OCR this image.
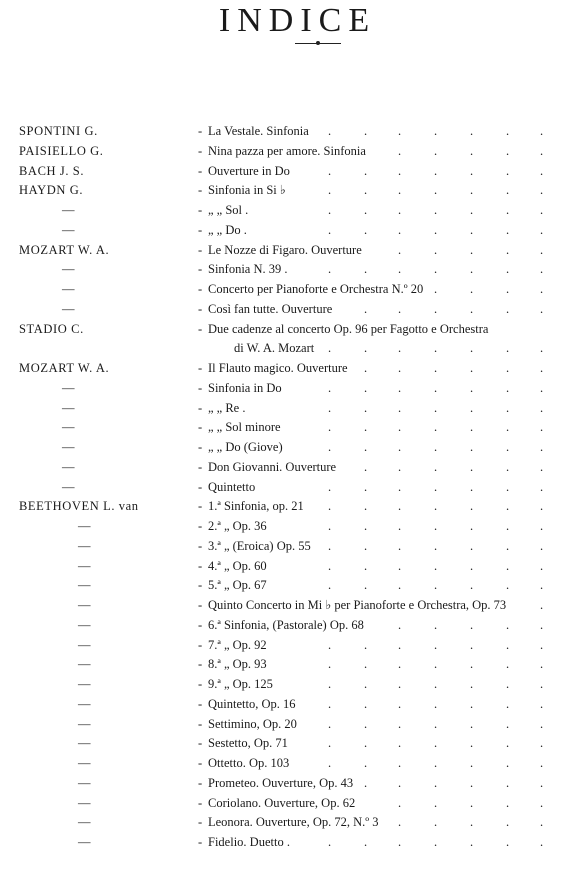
INDICE
SPONTINI G.	- La Vestale. Sinfonia .	. .	.	.	. .
PAISIELLO G.	- Nina pazza per amore. Sinfonia	.	.	.	. .
BACH J. S.	- Ouverture in Do	.	. .	.	.	. .
HAYDN G.	- Sinfonia in Si ♭	.	. .	.	.	. .
—	- „ „ Sol .	.	. .	.	.	. .
—	- „ „ Do .	.	. .	.	.	. .
MOZART W. A.	- Le Nozze di Figaro. Ouverture	.	.	.	. .
—	- Sinfonia N. 39 .	.	. .	.	.	. .
—	- Concerto per Pianoforte e Orchestra N.º 20 .	.	. .
—	- Così fan tutte. Ouverture	. .	.	.	. .
STADIO C.	- Due cadenze al concerto Op. 96 per Fagotto e Orchestra
di W. A. Mozart .	. .	.	.	. .
MOZART W. A.	- Il Flauto magico. Ouverture . .	.	.	. .
—	- Sinfonia in Do	.	. .	.	.	. .
—	- „ „ Re .	.	. .	.	.	. .
—	- „ „ Sol minore	.	. .	.	.	. .
—	- „ „ Do (Giove)	.	. .	.	.	. .
—	- Don Giovanni. Ouverture . .	.	.	. .
—	- Quintetto	.	. .	.	.	. .
BEETHOVEN L. van	- 1.ª Sinfonia, op. 21 .	. .	.	.	. .
—	- 2.ª „ Op. 36	.	. .	.	.	. .
—	- 3.ª „ (Eroica) Op. 55 .	. .	.	.	. .
—	- 4.ª „ Op. 60	.	. .	.	.	. .
—	- 5.ª „ Op. 67	.	. .	.	.	. .
—	- Quinto Concerto in Mi ♭ per Pianoforte e Orchestra, Op. 73	.
—	- 6.ª Sinfonia, (Pastorale) Op. 68	.	.	.	. .
—	- 7.ª „ Op. 92	.	. .	.	.	. .
—	- 8.ª „ Op. 93	.	. .	.	.	. .
—	- 9.ª „ Op. 125	.	. .	.	.	. .
—	- Quintetto, Op. 16	.	. .	.	.	. .
—	- Settimino, Op. 20 .	. .	.	.	. .
—	- Sestetto, Op. 71	.	. .	.	.	. .
—	- Ottetto. Op. 103	.	. .	.	.	. .
—	- Prometeo. Ouverture, Op. 43 . .	.	.	. .
—	- Coriolano. Ouverture, Op. 62	.	.	.	. .
—	- Leonora. Ouverture, Op. 72, N.º 3 .	.	.	. .
—	- Fidelio. Duetto .	.	. .	.	.	. .
